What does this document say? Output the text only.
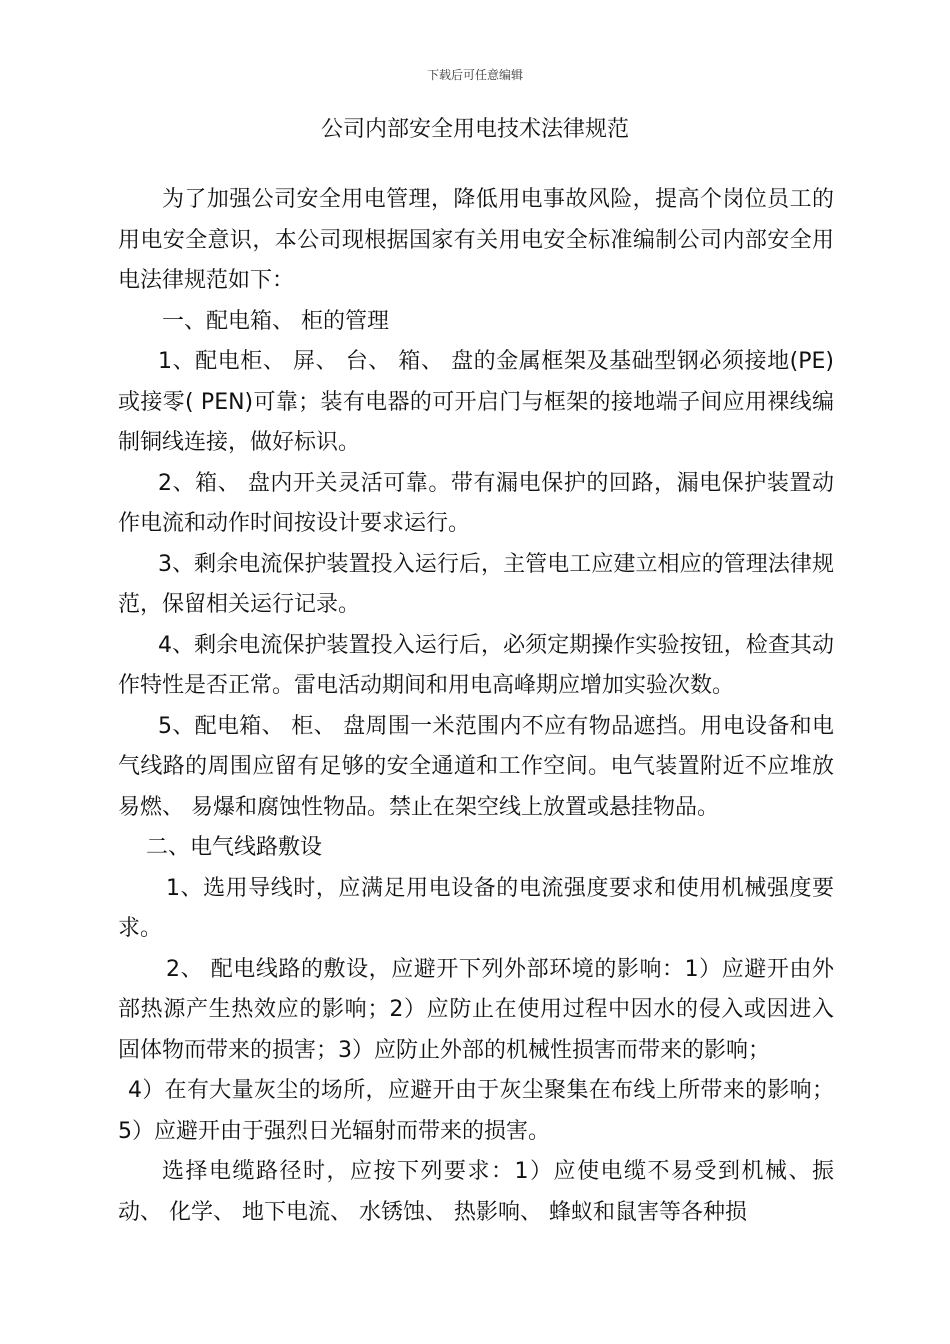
下载后可任意编辑
公司内部安全用电技术法律规范

为了加强公司安全用电管理，降低用电事故风险，提高个岗位员工的用电安全意识，本公司现根据国家有关用电安全标准编制公司内部安全用电法律规范如下：

一、配电箱、 柜的管理

1、配电柜、 屏、 台、 箱、 盘的金属框架及基础型钢必须接地(PE)或接零( PEN)可靠；装有电器的可开启门与框架的接地端子间应用裸线编制铜线连接，做好标识。

2、箱、 盘内开关灵活可靠。带有漏电保护的回路，漏电保护装置动作电流和动作时间按设计要求运行。

3、剩余电流保护装置投入运行后，主管电工应建立相应的管理法律规范，保留相关运行记录。

4、剩余电流保护装置投入运行后，必须定期操作实验按钮，检查其动作特性是否正常。雷电活动期间和用电高峰期应增加实验次数。

5、配电箱、 柜、 盘周围一米范围内不应有物品遮挡。用电设备和电气线路的周围应留有足够的安全通道和工作空间。电气装置附近不应堆放易燃、 易爆和腐蚀性物品。禁止在架空线上放置或悬挂物品。

二、电气线路敷设

1、选用导线时，应满足用电设备的电流强度要求和使用机械强度要求。

2、 配电线路的敷设，应避开下列外部环境的影响：1）应避开由外部热源产生热效应的影响；2）应防止在使用过程中因水的侵入或因进入固体物而带来的损害；3）应防止外部的机械性损害而带来的影响；

4）在有大量灰尘的场所，应避开由于灰尘聚集在布线上所带来的影响；5）应避开由于强烈日光辐射而带来的损害。

选择电缆路径时，应按下列要求：1）应使电缆不易受到机械、振动、 化学、 地下电流、 水锈蚀、 热影响、 蜂蚁和鼠害等各种损
